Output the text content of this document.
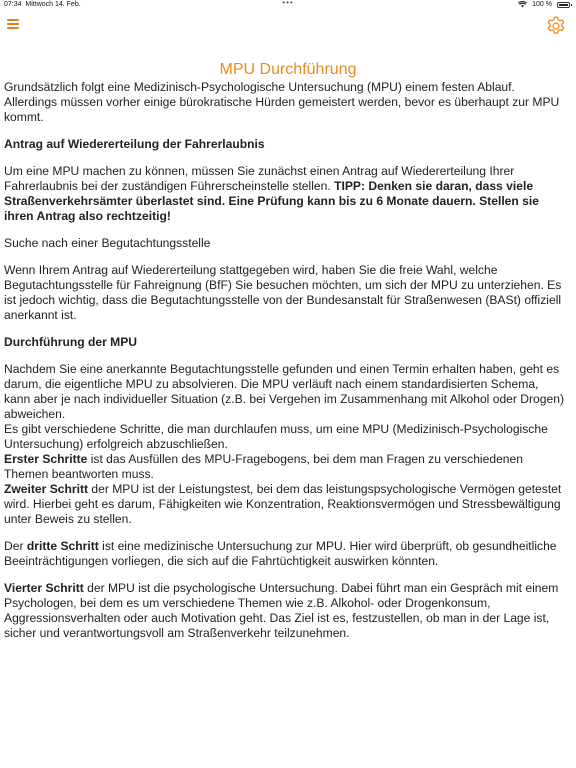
07:34 Mittwoch 14. Feb.	•••	100 %
MPU Durchführung

Grundsätzlich folgt eine Medizinisch-Psychologische Untersuchung (MPU) einem festen Ablauf. Allerdings müssen vorher einige bürokratische Hürden gemeistert werden, bevor es überhaupt zur MPU kommt.

Antrag auf Wiedererteilung der Fahrerlaubnis

Um eine MPU machen zu können, müssen Sie zunächst einen Antrag auf Wiedererteilung Ihrer Fahrerlaubnis bei der zuständigen Führerscheinstelle stellen. TIPP: Denken sie daran, dass viele Straßenverkehrsämter überlastet sind. Eine Prüfung kann bis zu 6 Monate dauern. Stellen sie ihren Antrag also rechtzeitig!

Suche nach einer Begutachtungsstelle

Wenn Ihrem Antrag auf Wiedererteilung stattgegeben wird, haben Sie die freie Wahl, welche Begutachtungsstelle für Fahreignung (BfF) Sie besuchen möchten, um sich der MPU zu unterziehen. Es ist jedoch wichtig, dass die Begutachtungsstelle von der Bundesanstalt für Straßenwesen (BASt) offiziell anerkannt ist.

Durchführung der MPU

Nachdem Sie eine anerkannte Begutachtungsstelle gefunden und einen Termin erhalten haben, geht es darum, die eigentliche MPU zu absolvieren. Die MPU verläuft nach einem standardisierten Schema, kann aber je nach individueller Situation (z.B. bei Vergehen im Zusammenhang mit Alkohol oder Drogen) abweichen.

Es gibt verschiedene Schritte, die man durchlaufen muss, um eine MPU (Medizinisch-Psychologische Untersuchung) erfolgreich abzuschließen.

Erster Schritte ist das Ausfüllen des MPU-Fragebogens, bei dem man Fragen zu verschiedenen Themen beantworten muss.

Zweiter Schritt der MPU ist der Leistungstest, bei dem das leistungspsychologische Vermögen getestet wird. Hierbei geht es darum, Fähigkeiten wie Konzentration, Reaktionsvermögen und Stressbewältigung unter Beweis zu stellen.

Der dritte Schritt ist eine medizinische Untersuchung zur MPU. Hier wird überprüft, ob gesundheitliche Beeinträchtigungen vorliegen, die sich auf die Fahrtüchtigkeit auswirken könnten.

Vierter Schritt der MPU ist die psychologische Untersuchung. Dabei führt man ein Gespräch mit einem Psychologen, bei dem es um verschiedene Themen wie z.B. Alkohol- oder Drogenkonsum, Aggressionsverhalten oder auch Motivation geht. Das Ziel ist es, festzustellen, ob man in der Lage ist, sicher und verantwortungsvoll am Straßenverkehr teilzunehmen.
